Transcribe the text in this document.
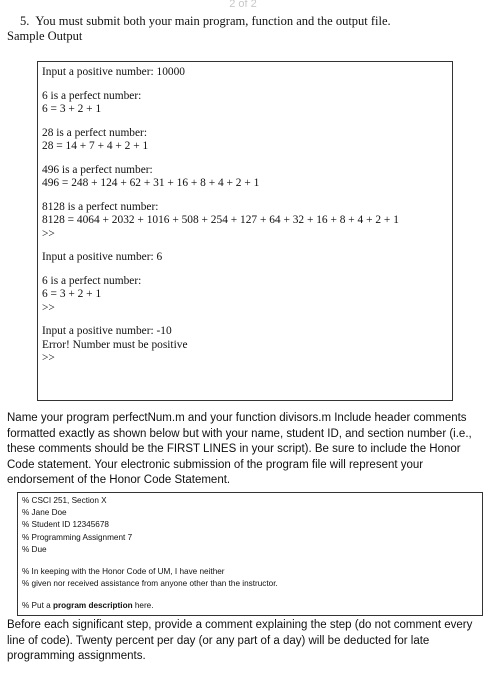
2 of 2
5. You must submit both your main program, function and the output file.
Sample Output
Input a positive number: 10000
6 is a perfect number:
6 = 3 + 2 + 1
28 is a perfect number:
28 = 14 + 7 + 4 + 2 + 1
496 is a perfect number:
496 = 248 + 124 + 62 + 31 + 16 + 8 + 4 + 2 + 1
8128 is a perfect number:
8128 = 4064 + 2032 + 1016 + 508 + 254 + 127 + 64 + 32 + 16 + 8 + 4 + 2 + 1
>>
Input a positive number: 6
6 is a perfect number:
6 = 3 + 2 + 1
>>
Input a positive number: -10
Error! Number must be positive
>>
Name your program perfectNum.m and your function divisors.m Include header comments formatted exactly as shown below but with your name, student ID, and section number (i.e., these comments should be the FIRST LINES in your script). Be sure to include the Honor Code statement. Your electronic submission of the program file will represent your endorsement of the Honor Code Statement.
% CSCI 251, Section X
% Jane Doe
% Student ID 12345678
% Programming Assignment 7
% Due
% In keeping with the Honor Code of UM, I have neither
% given nor received assistance from anyone other than the instructor.
% Put a program description here.
Before each significant step, provide a comment explaining the step (do not comment every line of code). Twenty percent per day (or any part of a day) will be deducted for late programming assignments.
